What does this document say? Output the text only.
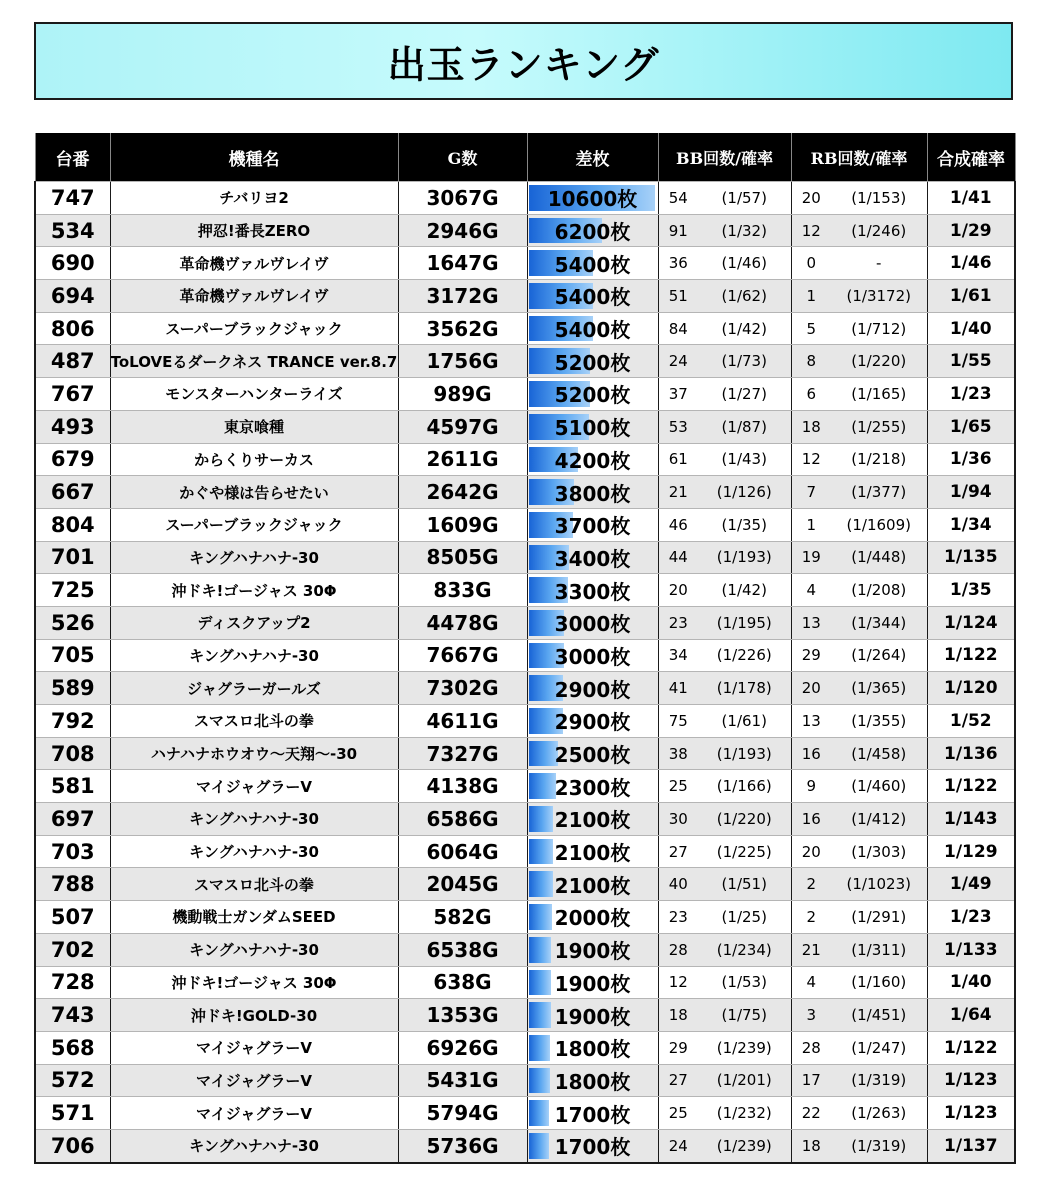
出玉ランキング
台番	機種名	G数	差枚	BB回数/確率		RB回数/確率		合成確率
747	チバリヨ2	3067G	10600枚	54	(1/57)	20	(1/153)	1/41
534	押忍!番長ZERO	2946G	6200枚	91	(1/32)	12	(1/246)	1/29
690	革命機ヴァルヴレイヴ	1647G	5400枚	36	(1/46)	0	-	1/46
694	革命機ヴァルヴレイヴ	3172G	5400枚	51	(1/62)	1	(1/3172)	1/61
806	スーパーブラックジャック	3562G	5400枚	84	(1/42)	5	(1/712)	1/40
487	ToLOVEるダークネス TRANCE ver.8.7	1756G	5200枚	24	(1/73)	8	(1/220)	1/55
767	モンスターハンターライズ	989G	5200枚	37	(1/27)	6	(1/165)	1/23
493	東京喰種	4597G	5100枚	53	(1/87)	18	(1/255)	1/65
679	からくりサーカス	2611G	4200枚	61	(1/43)	12	(1/218)	1/36
667	かぐや様は告らせたい	2642G	3800枚	21	(1/126)	7	(1/377)	1/94
804	スーパーブラックジャック	1609G	3700枚	46	(1/35)	1	(1/1609)	1/34
701	キングハナハナ-30	8505G	3400枚	44	(1/193)	19	(1/448)	1/135
725	沖ドキ!ゴージャス 30Φ	833G	3300枚	20	(1/42)	4	(1/208)	1/35
526	ディスクアップ2	4478G	3000枚	23	(1/195)	13	(1/344)	1/124
705	キングハナハナ-30	7667G	3000枚	34	(1/226)	29	(1/264)	1/122
589	ジャグラーガールズ	7302G	2900枚	41	(1/178)	20	(1/365)	1/120
792	スマスロ北斗の拳	4611G	2900枚	75	(1/61)	13	(1/355)	1/52
708	ハナハナホウオウ～天翔～-30	7327G	2500枚	38	(1/193)	16	(1/458)	1/136
581	マイジャグラーV	4138G	2300枚	25	(1/166)	9	(1/460)	1/122
697	キングハナハナ-30	6586G	2100枚	30	(1/220)	16	(1/412)	1/143
703	キングハナハナ-30	6064G	2100枚	27	(1/225)	20	(1/303)	1/129
788	スマスロ北斗の拳	2045G	2100枚	40	(1/51)	2	(1/1023)	1/49
507	機動戦士ガンダムSEED	582G	2000枚	23	(1/25)	2	(1/291)	1/23
702	キングハナハナ-30	6538G	1900枚	28	(1/234)	21	(1/311)	1/133
728	沖ドキ!ゴージャス 30Φ	638G	1900枚	12	(1/53)	4	(1/160)	1/40
743	沖ドキ!GOLD-30	1353G	1900枚	18	(1/75)	3	(1/451)	1/64
568	マイジャグラーV	6926G	1800枚	29	(1/239)	28	(1/247)	1/122
572	マイジャグラーV	5431G	1800枚	27	(1/201)	17	(1/319)	1/123
571	マイジャグラーV	5794G	1700枚	25	(1/232)	22	(1/263)	1/123
706	キングハナハナ-30	5736G	1700枚	24	(1/239)	18	(1/319)	1/137
